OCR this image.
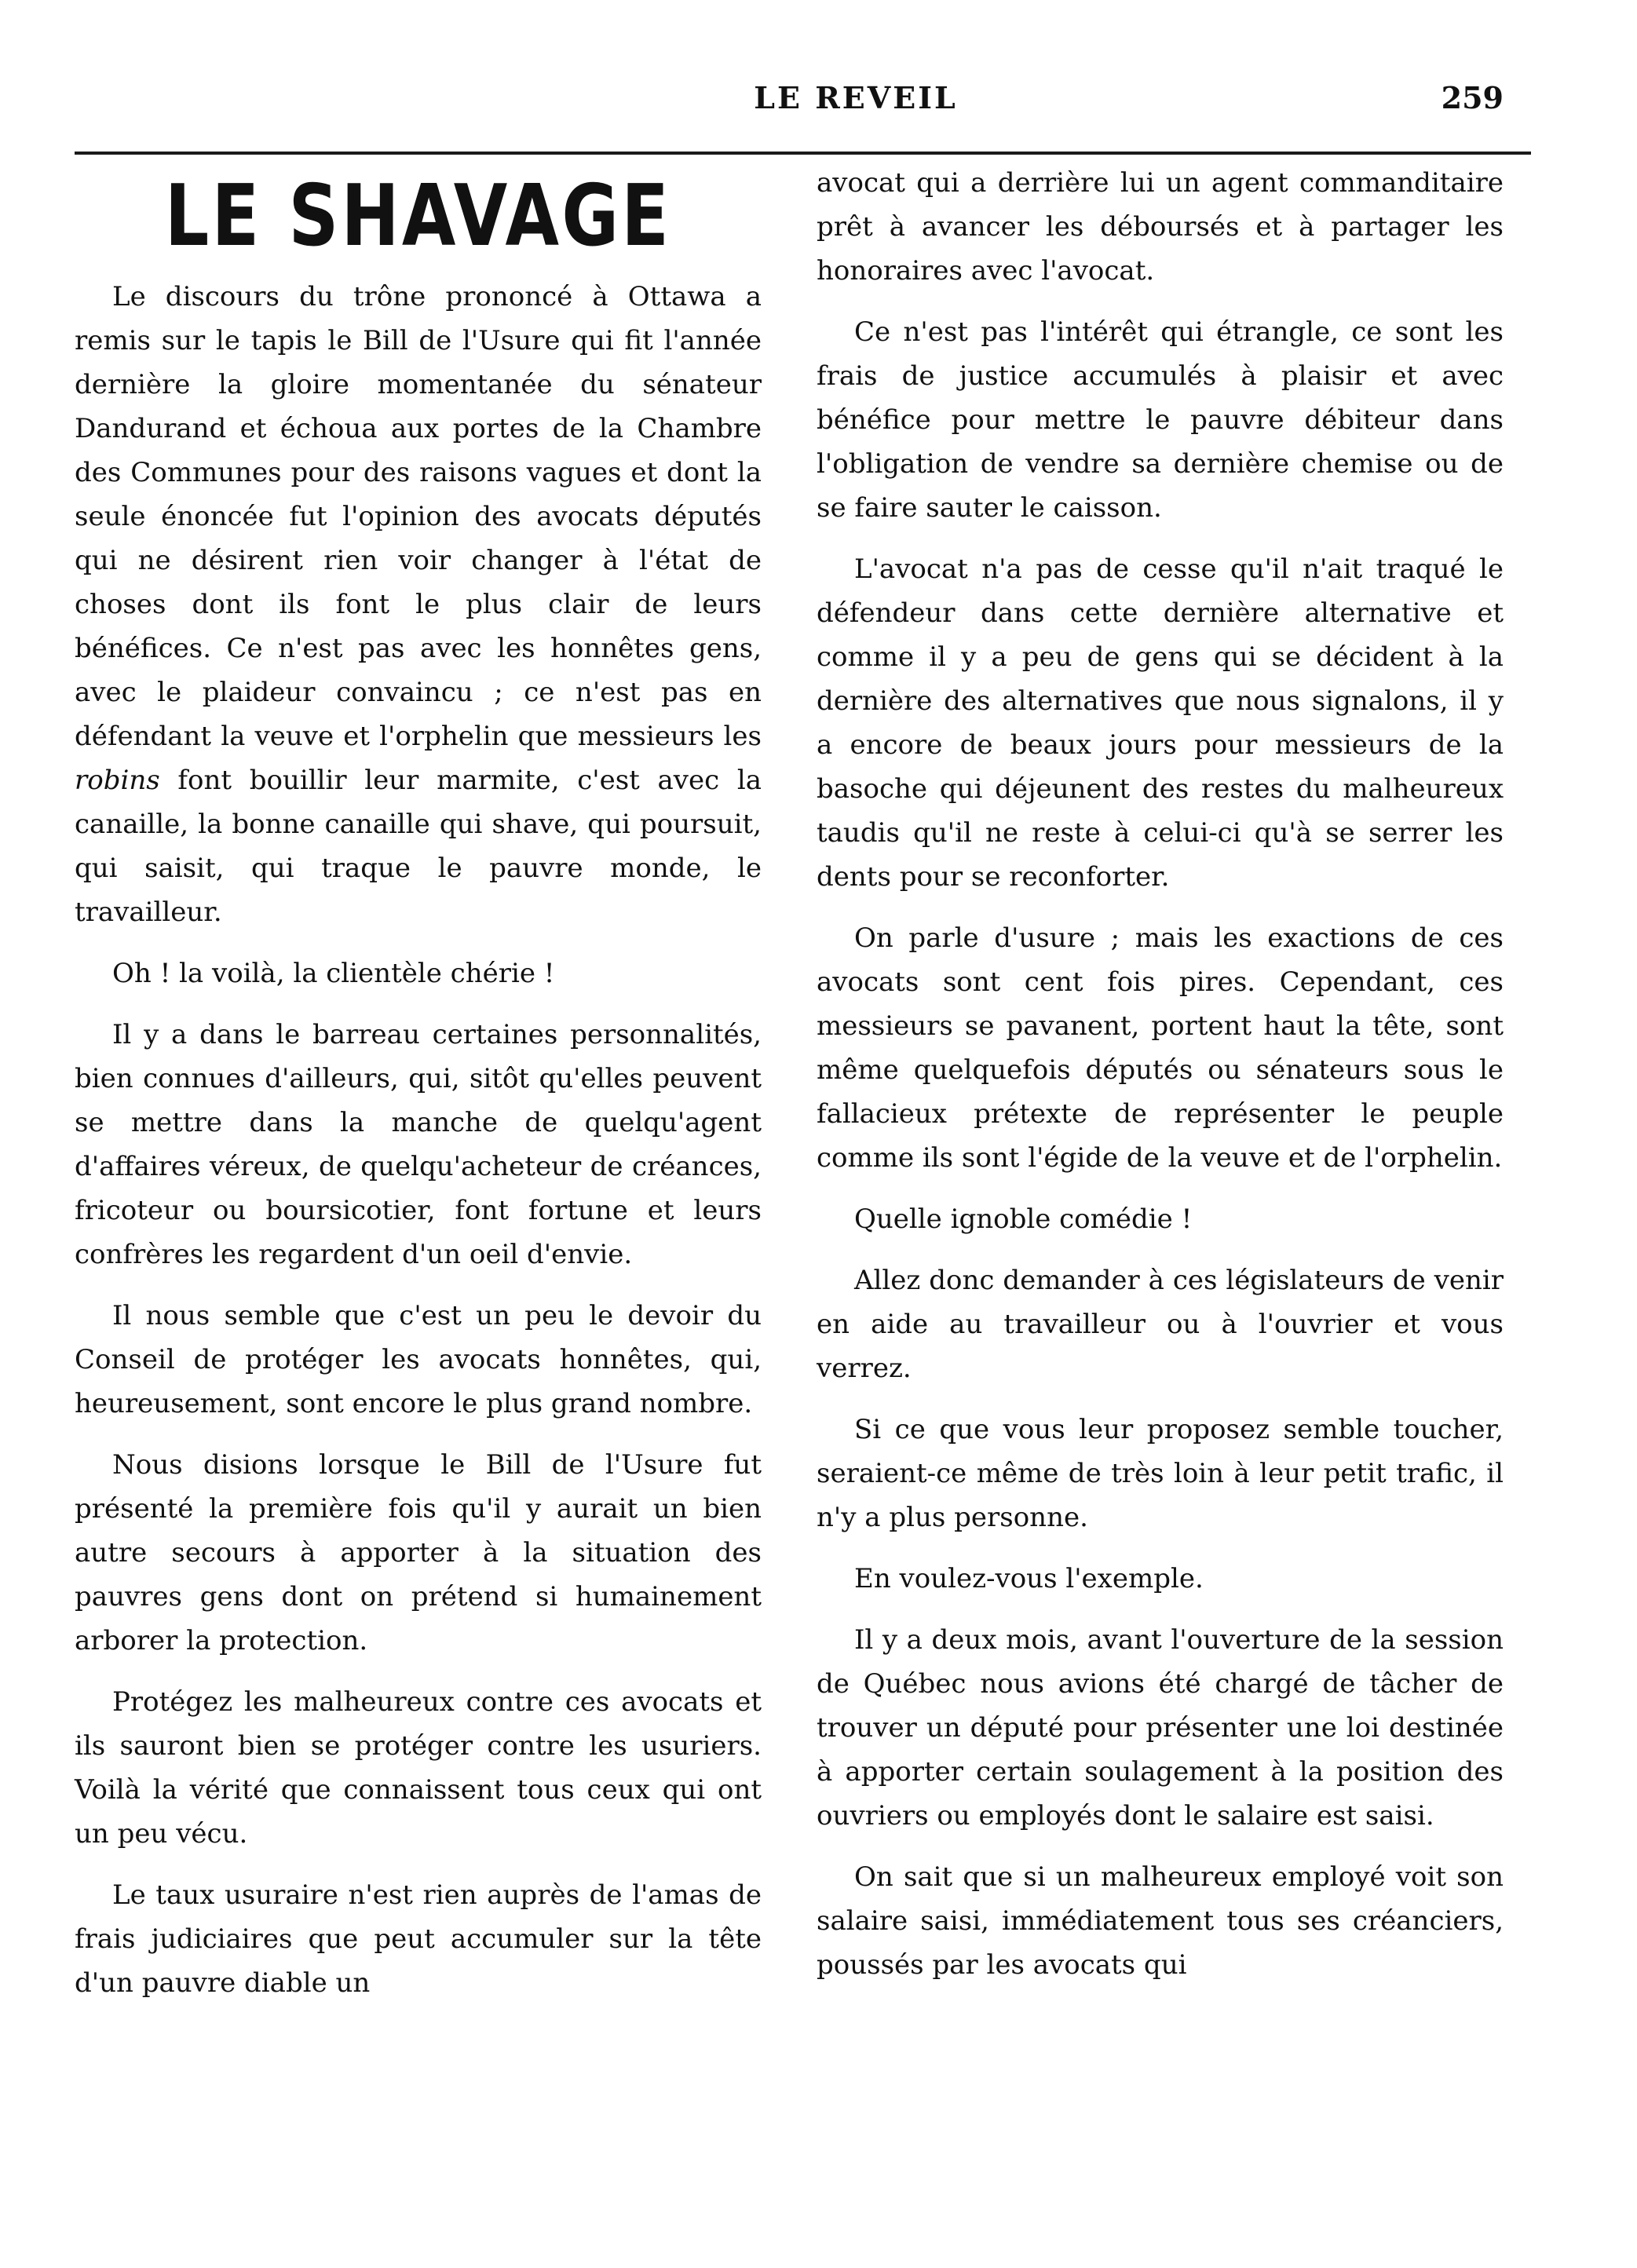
LE REVEIL	259
LE SHAVAGE

Le discours du trône prononcé à Ottawa a remis sur le tapis le Bill de l'Usure qui fit l'année dernière la gloire momentanée du sénateur Dandurand et échoua aux portes de la Chambre des Communes pour des raisons vagues et dont la seule énoncée fut l'opinion des avocats députés qui ne désirent rien voir changer à l'état de choses dont ils font le plus clair de leurs bénéfices. Ce n'est pas avec les honnêtes gens, avec le plaideur convaincu ; ce n'est pas en défendant la veuve et l'orphelin que messieurs les robins font bouillir leur marmite, c'est avec la canaille, la bonne canaille qui shave, qui poursuit, qui saisit, qui traque le pauvre monde, le travailleur.

Oh ! la voilà, la clientèle chérie !

Il y a dans le barreau certaines personnalités, bien connues d'ailleurs, qui, sitôt qu'elles peuvent se mettre dans la manche de quelqu'agent d'affaires véreux, de quelqu'acheteur de créances, fricoteur ou boursicotier, font fortune et leurs confrères les regardent d'un oeil d'envie.

Il nous semble que c'est un peu le devoir du Conseil de protéger les avocats honnêtes, qui, heureusement, sont encore le plus grand nombre.

Nous disions lorsque le Bill de l'Usure fut présenté la première fois qu'il y aurait un bien autre secours à apporter à la situation des pauvres gens dont on prétend si humainement arborer la protection.

Protégez les malheureux contre ces avocats et ils sauront bien se protéger contre les usuriers. Voilà la vérité que connaissent tous ceux qui ont un peu vécu.

Le taux usuraire n'est rien auprès de l'amas de frais judiciaires que peut accumuler sur la tête d'un pauvre diable un

avocat qui a derrière lui un agent commanditaire prêt à avancer les déboursés et à partager les honoraires avec l'avocat.

Ce n'est pas l'intérêt qui étrangle, ce sont les frais de justice accumulés à plaisir et avec bénéfice pour mettre le pauvre débiteur dans l'obligation de vendre sa dernière chemise ou de se faire sauter le caisson.

L'avocat n'a pas de cesse qu'il n'ait traqué le défendeur dans cette dernière alternative et comme il y a peu de gens qui se décident à la dernière des alternatives que nous signalons, il y a encore de beaux jours pour messieurs de la basoche qui déjeunent des restes du malheureux taudis qu'il ne reste à celui-ci qu'à se serrer les dents pour se reconforter.

On parle d'usure ; mais les exactions de ces avocats sont cent fois pires. Cependant, ces messieurs se pavanent, portent haut la tête, sont même quelquefois députés ou sénateurs sous le fallacieux prétexte de représenter le peuple comme ils sont l'égide de la veuve et de l'orphelin.

Quelle ignoble comédie !

Allez donc demander à ces législateurs de venir en aide au travailleur ou à l'ouvrier et vous verrez.

Si ce que vous leur proposez semble toucher, seraient-ce même de très loin à leur petit trafic, il n'y a plus personne.

En voulez-vous l'exemple.

Il y a deux mois, avant l'ouverture de la session de Québec nous avions été chargé de tâcher de trouver un député pour présenter une loi destinée à apporter certain soulagement à la position des ouvriers ou employés dont le salaire est saisi.

On sait que si un malheureux employé voit son salaire saisi, immédiatement tous ses créanciers, poussés par les avocats qui
